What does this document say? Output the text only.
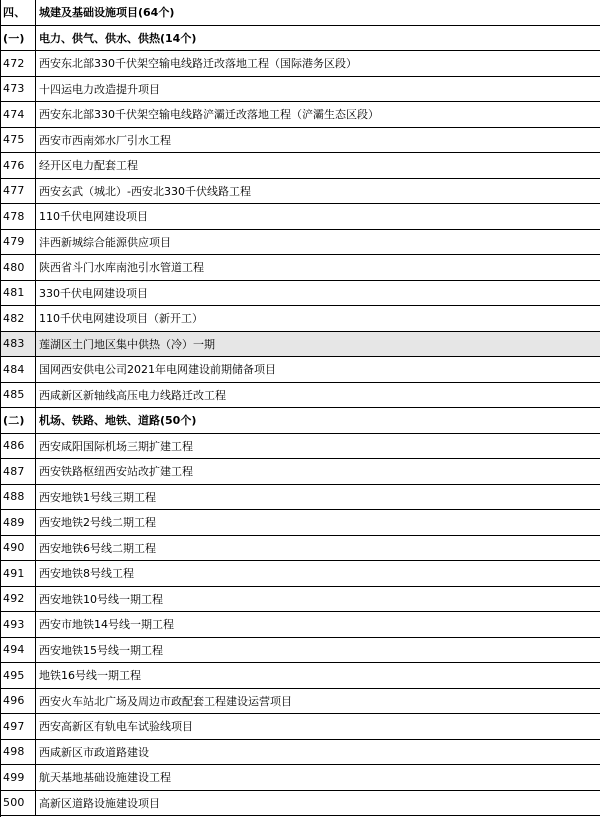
四、	城建及基础设施项目(64个)
(一)	电力、供气、供水、供热(14个)
472	西安东北部330千伏架空输电线路迁改落地工程（国际港务区段）
473	十四运电力改造提升项目
474	西安东北部330千伏架空输电线路浐灞迁改落地工程（浐灞生态区段）
475	西安市西南郊水厂引水工程
476	经开区电力配套工程
477	西安玄武（城北）-西安北330千伏线路工程
478	110千伏电网建设项目
479	沣西新城综合能源供应项目
480	陕西省斗门水库南池引水管道工程
481	330千伏电网建设项目
482	110千伏电网建设项目（新开工）
483	莲湖区土门地区集中供热（冷）一期
484	国网西安供电公司2021年电网建设前期储备项目
485	西咸新区新轴线高压电力线路迁改工程
(二)	机场、铁路、地铁、道路(50个)
486	西安咸阳国际机场三期扩建工程
487	西安铁路枢纽西安站改扩建工程
488	西安地铁1号线三期工程
489	西安地铁2号线二期工程
490	西安地铁6号线二期工程
491	西安地铁8号线工程
492	西安地铁10号线一期工程
493	西安市地铁14号线一期工程
494	西安地铁15号线一期工程
495	地铁16号线一期工程
496	西安火车站北广场及周边市政配套工程建设运营项目
497	西安高新区有轨电车试验线项目
498	西咸新区市政道路建设
499	航天基地基础设施建设工程
500	高新区道路设施建设项目
